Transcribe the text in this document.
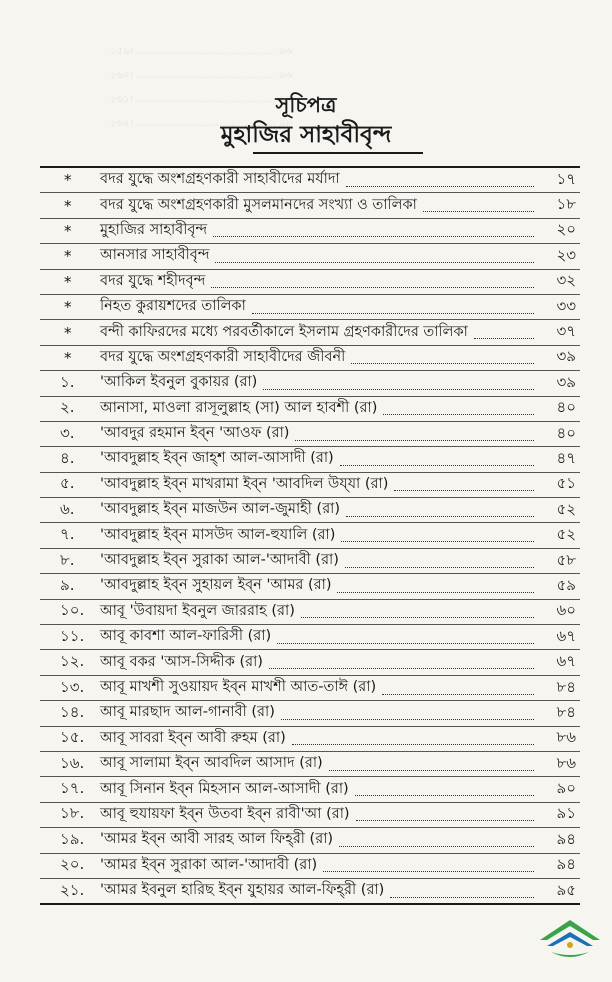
১৫৯। ............................................ ৯৬
১৬০। ............................................ ৯৬
১৬১। ............................................ ৯৭
১৬২। ............................................ ৯৮
সূচিপত্র
মুহাজির সাহাবীবৃন্দ
*	বদর যুদ্ধে অংশগ্রহণকারী সাহাবীদের মর্যাদা	১৭
*	বদর যুদ্ধে অংশগ্রহণকারী মুসলমানদের সংখ্যা ও তালিকা	১৮
*	মুহাজির সাহাবীবৃন্দ	২০
*	আনসার সাহাবীবৃন্দ	২৩
*	বদর যুদ্ধে শহীদবৃন্দ	৩২
*	নিহত কুরায়শদের তালিকা	৩৩
*	বন্দী কাফিরদের মধ্যে পরবর্তীকালে ইসলাম গ্রহণকারীদের তালিকা	৩৭
*	বদর যুদ্ধে অংশগ্রহণকারী সাহাবীদের জীবনী	৩৯
১.	'আকিল ইবনুল বুকায়র (রা)	৩৯
২.	আনাসা, মাওলা রাসূলুল্লাহ (সা) আল হাবশী (রা)	৪০
৩.	'আবদুর রহমান ইব্‌ন 'আওফ (রা)	৪০
৪.	'আবদুল্লাহ ইব্‌ন জাহ্‌শ আল-আসাদী (রা)	৪৭
৫.	'আবদুল্লাহ ইব্‌ন মাখরামা ইব্‌ন 'আবদিল উয্‌যা (রা)	৫১
৬.	'আবদুল্লাহ ইব্‌ন মাজউন আল-জুমাহী (রা)	৫২
৭.	'আবদুল্লাহ ইব্‌ন মাসউদ আল-হুযালি (রা)	৫২
৮.	'আবদুল্লাহ ইব্‌ন সুরাকা আল-'আদাবী (রা)	৫৮
৯.	'আবদুল্লাহ ইব্‌ন সুহায়ল ইব্‌ন 'আমর (রা)	৫৯
১০.	আবূ 'উবায়দা ইবনুল জাররাহ (রা)	৬০
১১.	আবূ কাবশা আল-ফারিসী (রা)	৬৭
১২.	আবূ বকর 'আস-সিদ্দীক (রা)	৬৭
১৩.	আবূ মাখশী সুওয়ায়দ ইব্‌ন মাখশী আত-তাঈ (রা)	৮৪
১৪.	আবূ মারছাদ আল-গানাবী (রা)	৮৪
১৫.	আবূ সাবরা ইব্‌ন আবী রুহম (রা)	৮৬
১৬.	আবূ সালামা ইব্‌ন আবদিল আসাদ (রা)	৮৬
১৭.	আবূ সিনান ইব্‌ন মিহসান আল-আসাদী (রা)	৯০
১৮.	আবূ হুযায়ফা ইব্‌ন উতবা ইব্‌ন রাবী'আ (রা)	৯১
১৯.	'আমর ইব্‌ন আবী সারহ আল ফিহ্‌রী (রা)	৯৪
২০.	'আমর ইব্‌ন সুরাকা আল-'আদাবী (রা)	৯৪
২১.	'আমর ইবনুল হারিছ ইব্‌ন যুহায়র আল-ফিহ্‌রী (রা)	৯৫
